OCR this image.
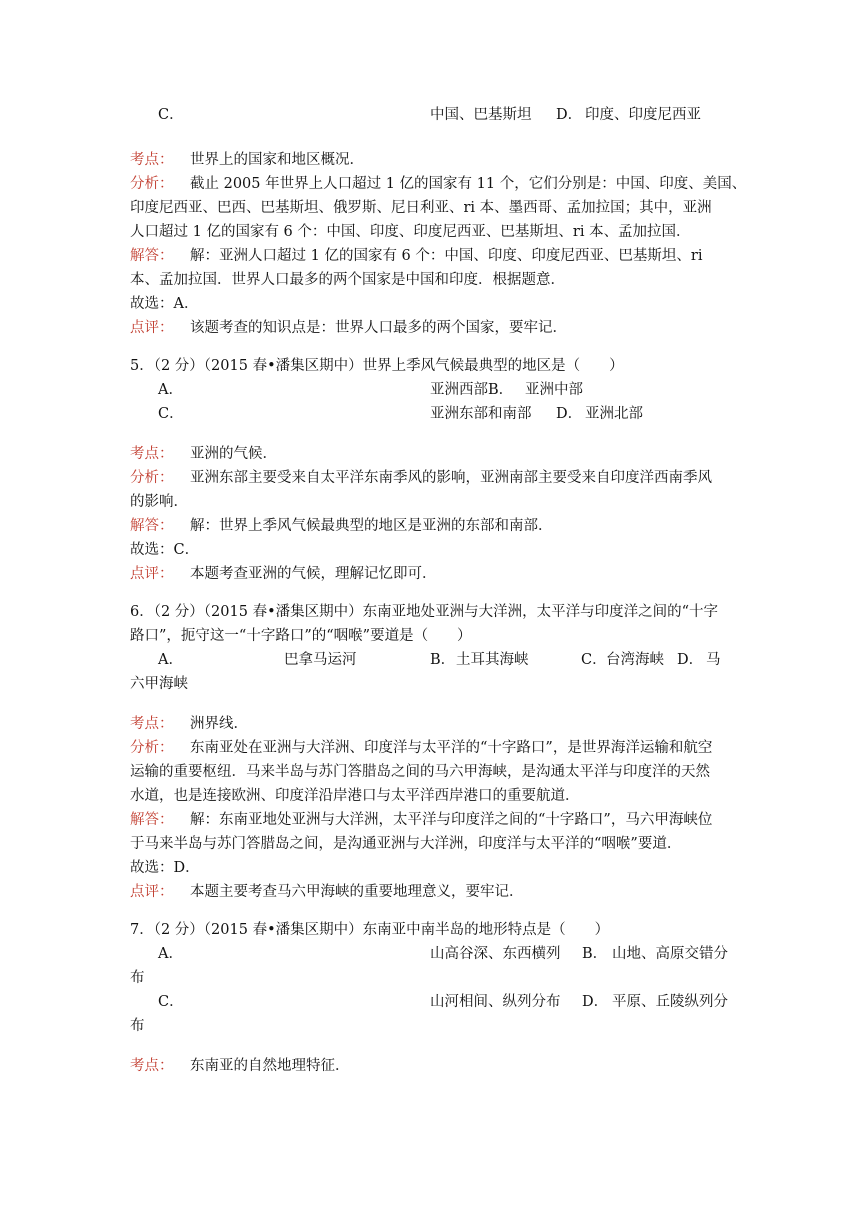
C．	中国、巴基斯坦 D． 印度、印度尼西亚
考点： 世界上的国家和地区概况．
分析： 截止 2005 年世界上人口超过 1 亿的国家有 11 个，它们分别是：中国、印度、美国、
印度尼西亚、巴西、巴基斯坦、俄罗斯、尼日利亚、ri 本、墨西哥、孟加拉国；其中，亚洲
人口超过 1 亿的国家有 6 个：中国、印度、印度尼西亚、巴基斯坦、ri 本、孟加拉国．
解答： 解：亚洲人口超过 1 亿的国家有 6 个：中国、印度、印度尼西亚、巴基斯坦、ri
本、孟加拉国．世界人口最多的两个国家是中国和印度．根据题意．
故选：A．
点评： 该题考查的知识点是：世界人口最多的两个国家，要牢记．
5．（2 分）（2015 春•潘集区期中）世界上季风气候最典型的地区是（　　）
A．	亚洲西部 B． 亚洲中部
C．	亚洲东部和南部 D． 亚洲北部
考点： 亚洲的气候．
分析： 亚洲东部主要受来自太平洋东南季风的影响，亚洲南部主要受来自印度洋西南季风
的影响．
解答： 解：世界上季风气候最典型的地区是亚洲的东部和南部．
故选：C．
点评： 本题考查亚洲的气候，理解记忆即可．
6．（2 分）（2015 春•潘集区期中）东南亚地处亚洲与大洋洲，太平洋与印度洋之间的“十字
路口”，扼守这一“十字路口”的“咽喉”要道是（　　）
A．	巴拿马运河	B． 土耳其海峡	C． 台湾海峡 D． 马
六甲海峡
考点： 洲界线．
分析： 东南亚处在亚洲与大洋洲、印度洋与太平洋的“十字路口”，是世界海洋运输和航空
运输的重要枢纽．马来半岛与苏门答腊岛之间的马六甲海峡，是沟通太平洋与印度洋的天然
水道，也是连接欧洲、印度洋沿岸港口与太平洋西岸港口的重要航道．
解答： 解：东南亚地处亚洲与大洋洲，太平洋与印度洋之间的“十字路口”，马六甲海峡位
于马来半岛与苏门答腊岛之间，是沟通亚洲与大洋洲，印度洋与太平洋的“咽喉”要道．
故选：D．
点评： 本题主要考查马六甲海峡的重要地理意义，要牢记．
7．（2 分）（2015 春•潘集区期中）东南亚中南半岛的地形特点是（　　）
A．	山高谷深、东西横列 B． 山地、高原交错分
布
C．	山河相间、纵列分布 D． 平原、丘陵纵列分
布
考点： 东南亚的自然地理特征．
